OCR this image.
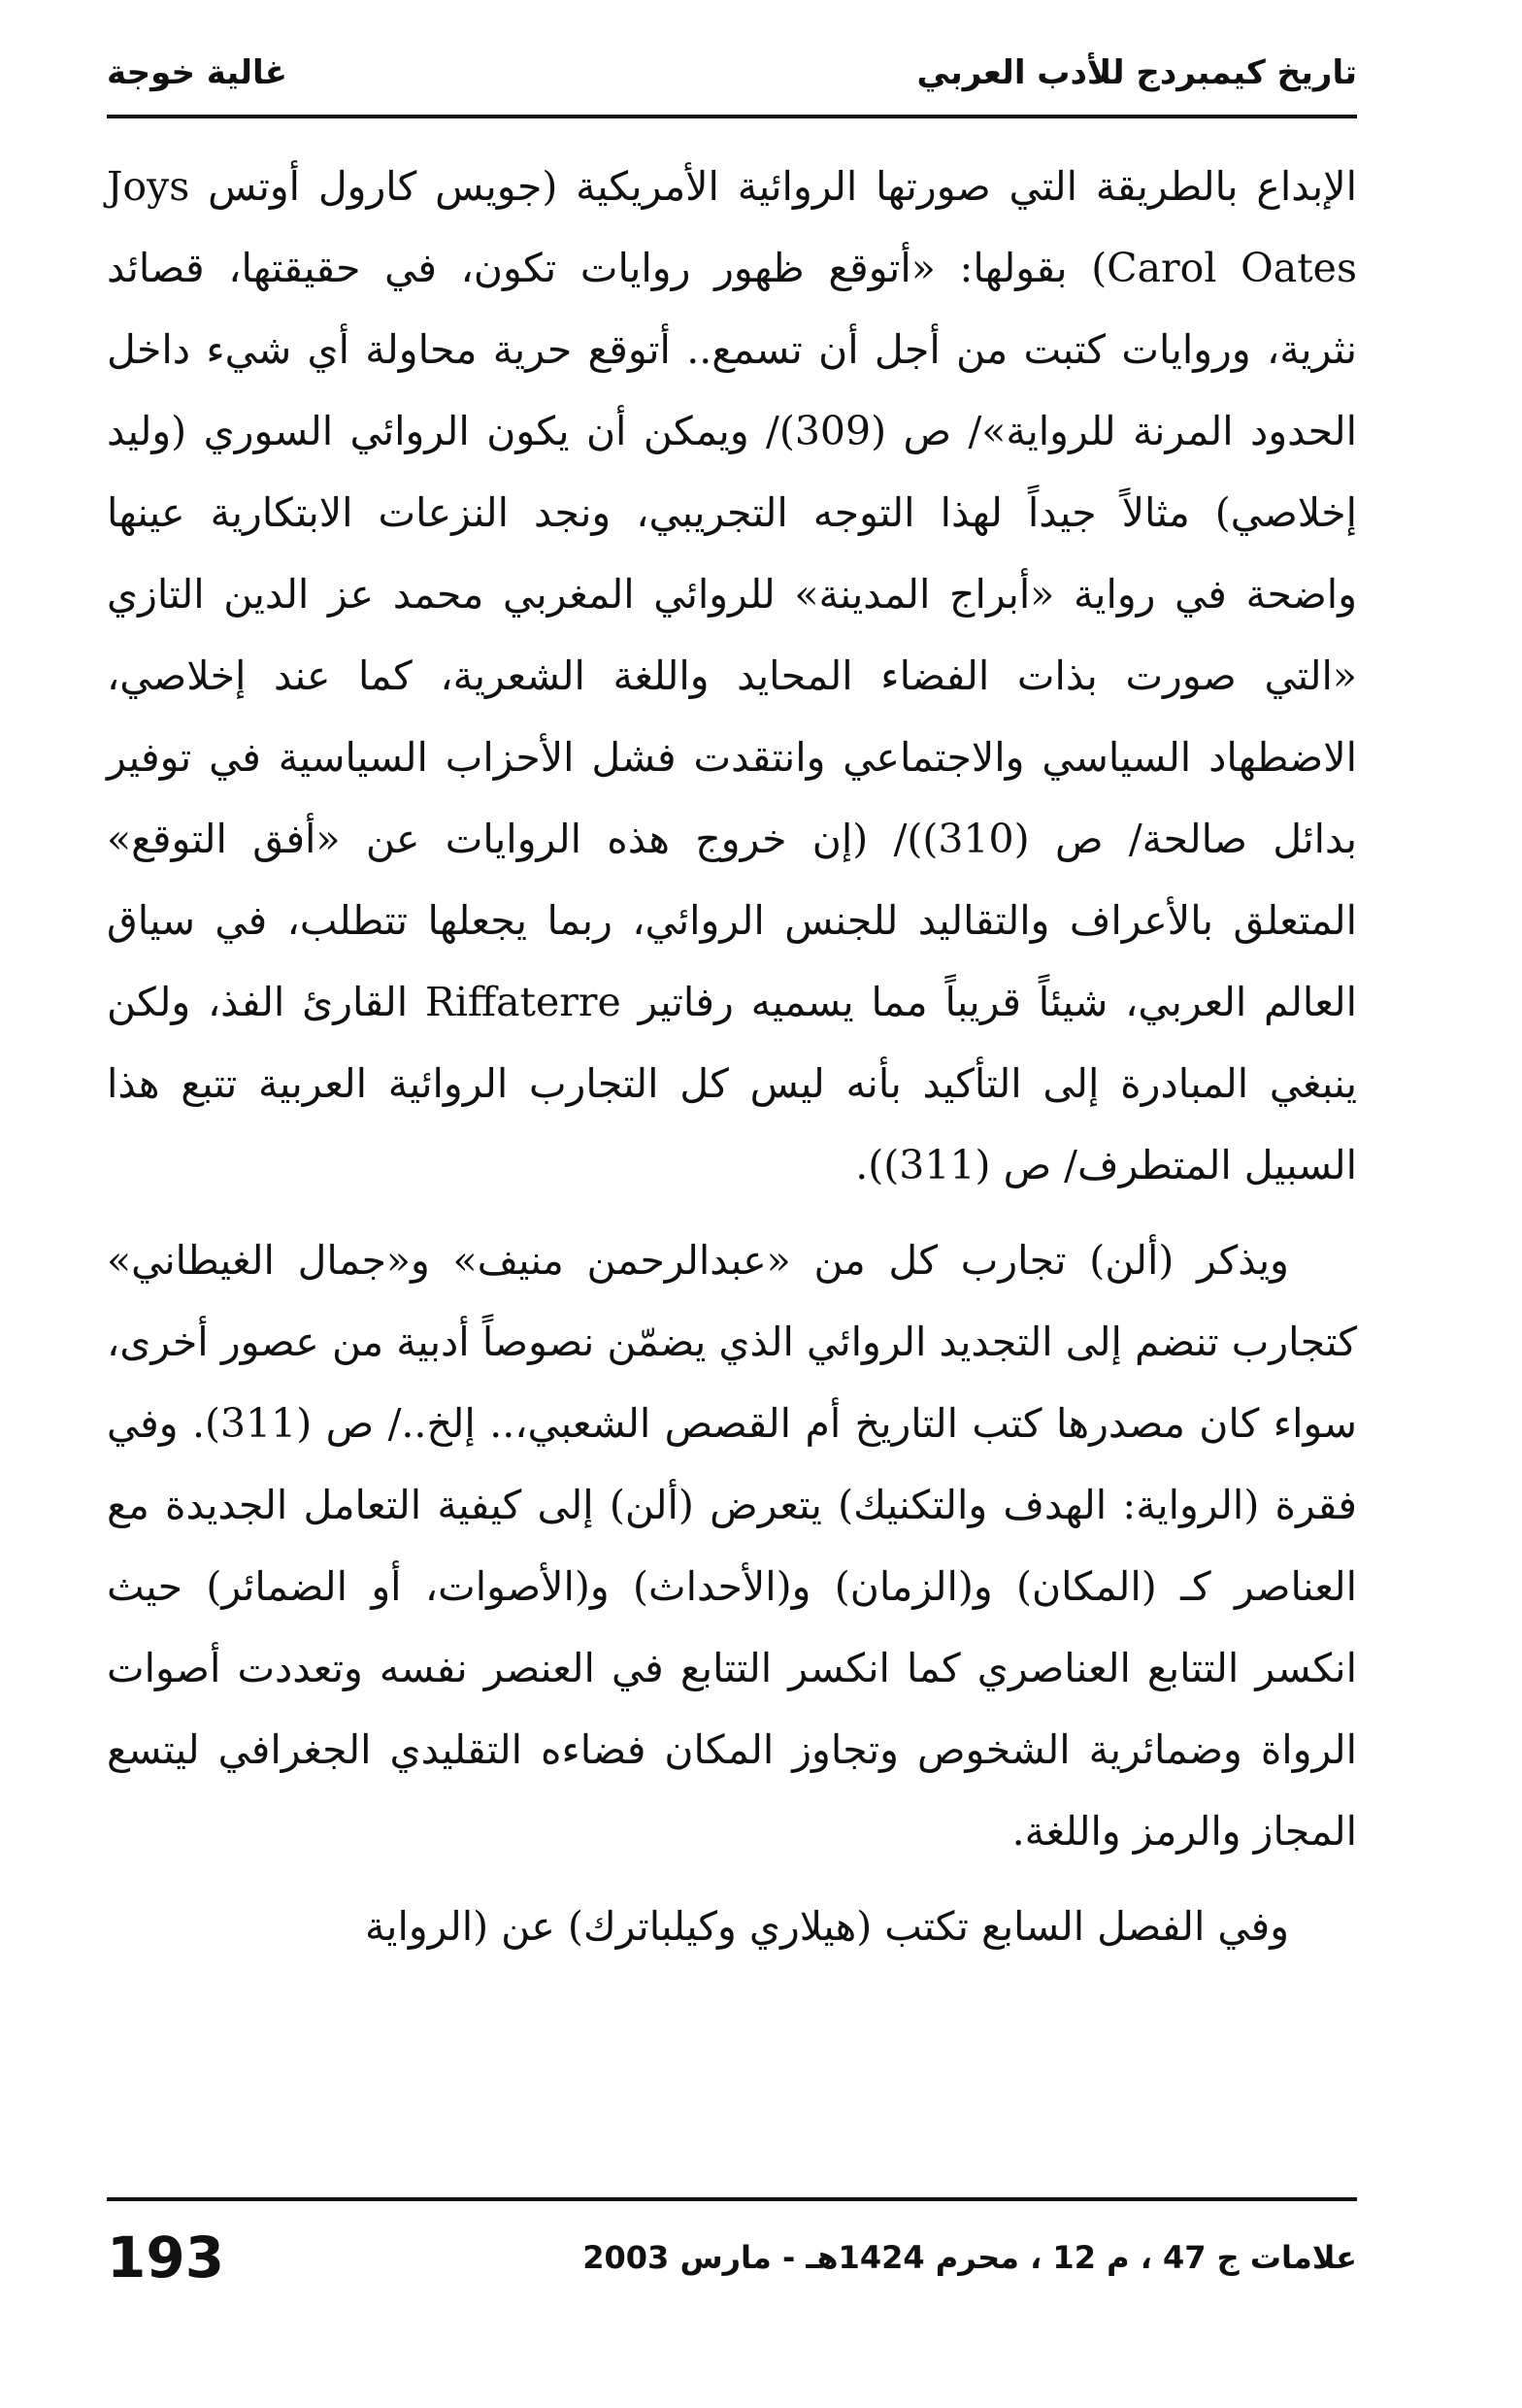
تاريخ كيمبردج للأدب العربي
غالية خوجة

الإبداع بالطريقة التي صورتها الروائية الأمريكية (جويس كارول أوتس Joys Carol Oates) بقولها: «أتوقع ظهور روايات تكون، في حقيقتها، قصائد نثرية، وروايات كتبت من أجل أن تسمع.. أتوقع حرية محاولة أي شيء داخل الحدود المرنة للرواية»/ ص (309)/ ويمكن أن يكون الروائي السوري (وليد إخلاصي) مثالاً جيداً لهذا التوجه التجريبي، ونجد النزعات الابتكارية عينها واضحة في رواية «أبراج المدينة» للروائي المغربي محمد عز الدين التازي «التي صورت بذات الفضاء المحايد واللغة الشعرية، كما عند إخلاصي، الاضطهاد السياسي والاجتماعي وانتقدت فشل الأحزاب السياسية في توفير بدائل صالحة/ ص (310))/ (إن خروج هذه الروايات عن «أفق التوقع» المتعلق بالأعراف والتقاليد للجنس الروائي، ربما يجعلها تتطلب، في سياق العالم العربي، شيئاً قريباً مما يسميه رفاتير Riffaterre القارئ الفذ، ولكن ينبغي المبادرة إلى التأكيد بأنه ليس كل التجارب الروائية العربية تتبع هذا السبيل المتطرف/ ص (311)).

ويذكر (ألن) تجارب كل من «عبدالرحمن منيف» و«جمال الغيطاني» كتجارب تنضم إلى التجديد الروائي الذي يضمّن نصوصاً أدبية من عصور أخرى، سواء كان مصدرها كتب التاريخ أم القصص الشعبي،.. إلخ../ ص (311). وفي فقرة (الرواية: الهدف والتكنيك) يتعرض (ألن) إلى كيفية التعامل الجديدة مع العناصر كـ (المكان) و(الزمان) و(الأحداث) و(الأصوات، أو الضمائر) حيث انكسر التتابع العناصري كما انكسر التتابع في العنصر نفسه وتعددت أصوات الرواة وضمائرية الشخوص وتجاوز المكان فضاءه التقليدي الجغرافي ليتسع المجاز والرمز واللغة.

وفي الفصل السابع تكتب (هيلاري وكيلباترك) عن (الرواية

193	علامات ج 47 ، م 12 ، محرم 1424هـ - مارس 2003
